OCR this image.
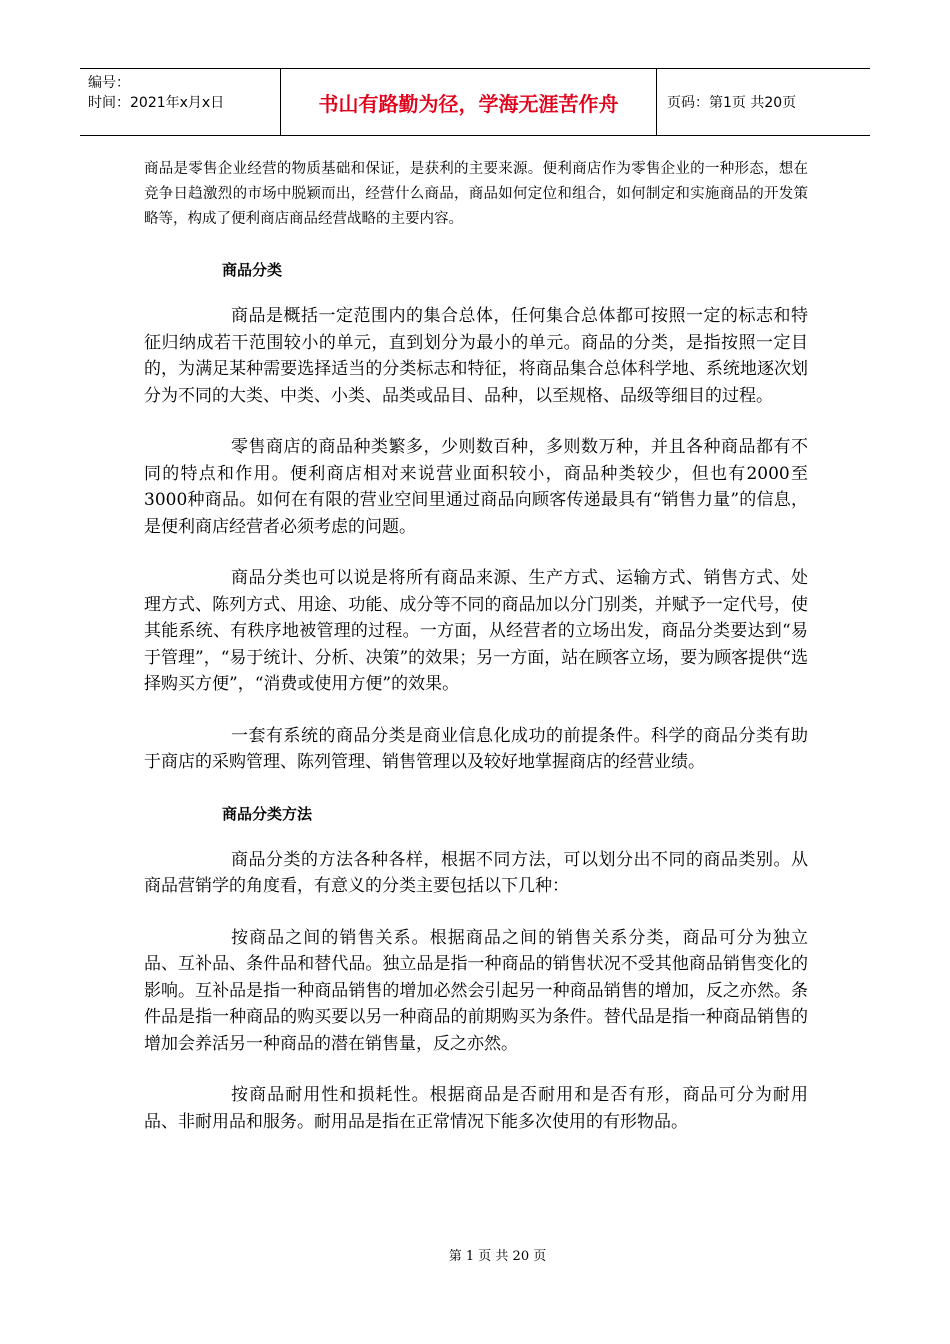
编号：
时间：2021年x月x日	书山有路勤为径，学海无涯苦作舟	页码：第1页 共20页

商品是零售企业经营的物质基础和保证，是获利的主要来源。便利商店作为零售企业的一种形态，想在竞争日趋激烈的市场中脱颖而出，经营什么商品，商品如何定位和组合，如何制定和实施商品的开发策略等，构成了便利商店商品经营战略的主要内容。

商品分类

商品是概括一定范围内的集合总体，任何集合总体都可按照一定的标志和特征归纳成若干范围较小的单元，直到划分为最小的单元。商品的分类，是指按照一定目的，为满足某种需要选择适当的分类标志和特征，将商品集合总体科学地、系统地逐次划分为不同的大类、中类、小类、品类或品目、品种，以至规格、品级等细目的过程。

零售商店的商品种类繁多，少则数百种，多则数万种，并且各种商品都有不同的特点和作用。便利商店相对来说营业面积较小，商品种类较少，但也有2000至3000种商品。如何在有限的营业空间里通过商品向顾客传递最具有“销售力量”的信息，是便利商店经营者必须考虑的问题。

商品分类也可以说是将所有商品来源、生产方式、运输方式、销售方式、处理方式、陈列方式、用途、功能、成分等不同的商品加以分门别类，并赋予一定代号，使其能系统、有秩序地被管理的过程。一方面，从经营者的立场出发，商品分类要达到“易于管理”，“易于统计、分析、决策”的效果；另一方面，站在顾客立场，要为顾客提供“选择购买方便”，“消费或使用方便”的效果。

一套有系统的商品分类是商业信息化成功的前提条件。科学的商品分类有助于商店的采购管理、陈列管理、销售管理以及较好地掌握商店的经营业绩。

商品分类方法

商品分类的方法各种各样，根据不同方法，可以划分出不同的商品类别。从商品营销学的角度看，有意义的分类主要包括以下几种：

按商品之间的销售关系。根据商品之间的销售关系分类，商品可分为独立品、互补品、条件品和替代品。独立品是指一种商品的销售状况不受其他商品销售变化的影响。互补品是指一种商品销售的增加必然会引起另一种商品销售的增加，反之亦然。条件品是指一种商品的购买要以另一种商品的前期购买为条件。替代品是指一种商品销售的增加会养活另一种商品的潜在销售量，反之亦然。

按商品耐用性和损耗性。根据商品是否耐用和是否有形，商品可分为耐用品、非耐用品和服务。耐用品是指在正常情况下能多次使用的有形物品。

第 1 页 共 20 页
